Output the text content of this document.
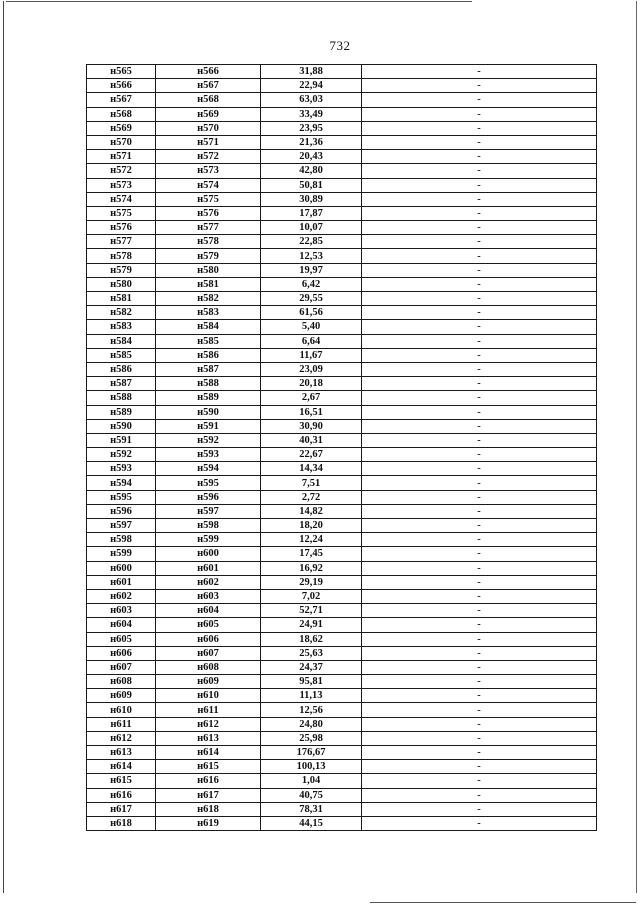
732
н565	н566	31,88	-
н566	н567	22,94	-
н567	н568	63,03	-
н568	н569	33,49	-
н569	н570	23,95	-
н570	н571	21,36	-
н571	н572	20,43	-
н572	н573	42,80	-
н573	н574	50,81	-
н574	н575	30,89	-
н575	н576	17,87	-
н576	н577	10,07	-
н577	н578	22,85	-
н578	н579	12,53	-
н579	н580	19,97	-
н580	н581	6,42	-
н581	н582	29,55	-
н582	н583	61,56	-
н583	н584	5,40	-
н584	н585	6,64	-
н585	н586	11,67	-
н586	н587	23,09	-
н587	н588	20,18	-
н588	н589	2,67	-
н589	н590	16,51	-
н590	н591	30,90	-
н591	н592	40,31	-
н592	н593	22,67	-
н593	н594	14,34	-
н594	н595	7,51	-
н595	н596	2,72	-
н596	н597	14,82	-
н597	н598	18,20	-
н598	н599	12,24	-
н599	н600	17,45	-
н600	н601	16,92	-
н601	н602	29,19	-
н602	н603	7,02	-
н603	н604	52,71	-
н604	н605	24,91	-
н605	н606	18,62	-
н606	н607	25,63	-
н607	н608	24,37	-
н608	н609	95,81	-
н609	н610	11,13	-
н610	н611	12,56	-
н611	н612	24,80	-
н612	н613	25,98	-
н613	н614	176,67	-
н614	н615	100,13	-
н615	н616	1,04	-
н616	н617	40,75	-
н617	н618	78,31	-
н618	н619	44,15	-
